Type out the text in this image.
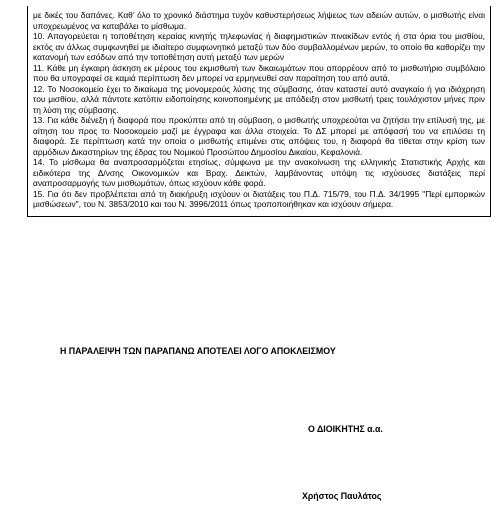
με δικές του δαπάνες. Καθ’ όλο το χρονικό διάστημα τυχόν καθυστερήσεως λήψεως των αδειών αυτών, ο μισθωτής είναι υποχρεωμένος να καταβάλει το μίσθωμα.

10. Απαγορεύεται η τοποθέτηση κεραίας κινητής τηλεφωνίας ή διαφημιστικών πινακίδων εντός ή στα όρια του μισθίου, εκτός αν άλλως συμφωνηθεί με ιδιαίτερο συμφωνητικό μεταξύ των δύο συμβαλλομένων μερών, το οποίο θα καθορίζει την κατανομή των εσόδων από την τοποθέτηση αυτή μεταξύ των μερών

11. Κάθε μη έγκαιρη άσκηση εκ μέρους του εκμισθωτή των δικαιωμάτων που απορρέουν από το μισθωτήριο συμβόλαιο που θα υπογραφεί σε καμιά περίπτωση δεν μπορεί να ερμηνευθεί σαν παραίτηση του από αυτά.

12. Το Νοσοκομείο έχει το δικαίωμα της μονομερούς λύσης της σύμβασης, όταν καταστεί αυτό αναγκαίο ή για ιδιόχρηση του μισθίου, αλλά πάντοτε κατόπιν ειδοποίησης κοινοποιημένης με απόδειξη στον μισθωτή τρεις τουλάχιστον μήνες πριν τη λύση της σύμβασης.

13. Για κάθε διένεξη ή διαφορά που προκύπτει από τη σύμβαση, ο μισθωτής υποχρεούται να ζητήσει την επίλυσή της, με αίτηση του προς το Νοσοκομείο μαζί με έγγραφα και άλλα στοιχεία. Το ΔΣ μπορεί με απόφασή του να επιλύσει τη διαφορά. Σε περίπτωση κατά την οποία ο μισθωτής επιμένει στις απόψεις του, η διαφορά θα τίθεται στην κρίση των αρμόδιων Δικαστηρίων της έδρας του Νομικού Προσώπου Δημοσίου Δικαίου, Κεφαλονιά.

14. Το μίσθωμα θα αναπροσαρμόζεται ετησίως, σύμφωνα με την ανακοίνωση της ελληνικής Στατιστικής Αρχής και ειδικότερα της Δ/νσης Οικονομικών και Βραχ. Δεικτών, λαμβάνοντας υπόψη τις ισχύουσες διατάξεις περί αναπροσαρμογής των μισθωμάτων, όπως ισχύουν κάθε φορά.

15. Για ότι δεν προβλέπεται από τη διακήρυξη ισχύουν οι διατάξεις του Π.Δ. 715/79, του Π.Δ. 34/1995 "Περί εμπορικών μισθώσεων", του Ν. 3853/2010 και του Ν. 3996/2011 όπως τροποποιήθηκαν και ισχύουν σήμερα.

Η ΠΑΡΑΛΕΙΨΗ ΤΩΝ ΠΑΡΑΠΑΝΩ ΑΠΟΤΕΛΕΙ ΛΟΓΟ ΑΠΟΚΛΕΙΣΜΟΥ

Ο ΔΙΟΙΚΗΤΗΣ α.α.

Χρήστος Παυλάτος
